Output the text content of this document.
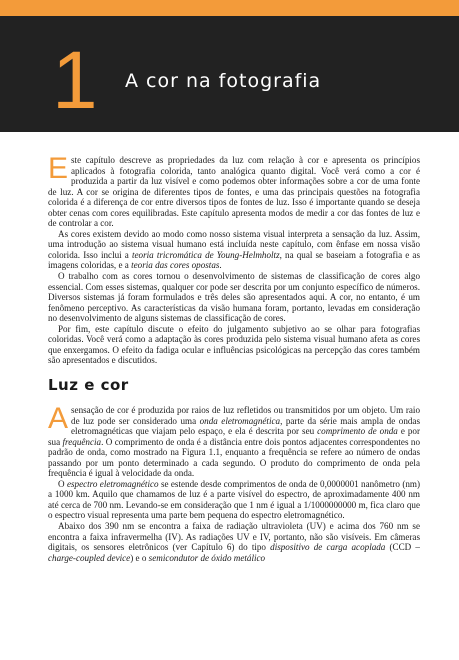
1 A cor na fotografia

Este capítulo descreve as propriedades da luz com relação à cor e apresenta os princípios aplicados à fotografia colorida, tanto analógica quanto digital. Você verá como a cor é produzida a partir da luz visível e como podemos obter informações sobre a cor de uma fonte de luz. A cor se origina de diferentes tipos de fontes, e uma das principais questões na fotografia colorida é a diferença de cor entre diversos tipos de fontes de luz. Isso é importante quando se deseja obter cenas com cores equilibradas. Este capítulo apresenta modos de medir a cor das fontes de luz e de controlar a cor.

As cores existem devido ao modo como nosso sistema visual interpreta a sensação da luz. Assim, uma introdução ao sistema visual humano está incluída neste capítulo, com ênfase em nossa visão colorida. Isso inclui a teoria tricromática de Young-Helmholtz, na qual se baseiam a fotografia e as imagens coloridas, e a teoria das cores opostas.

O trabalho com as cores tornou o desenvolvimento de sistemas de classificação de cores algo essencial. Com esses sistemas, qualquer cor pode ser descrita por um conjunto específico de números. Diversos sistemas já foram formulados e três deles são apresentados aqui. A cor, no entanto, é um fenômeno perceptivo. As características da visão humana foram, portanto, levadas em consideração no desenvolvimento de alguns sistemas de classificação de cores.

Por fim, este capítulo discute o efeito do julgamento subjetivo ao se olhar para fotografias coloridas. Você verá como a adaptação às cores produzida pelo sistema visual humano afeta as cores que enxergamos. O efeito da fadiga ocular e influências psicológicas na percepção das cores também são apresentados e discutidos.

Luz e cor

A sensação de cor é produzida por raios de luz refletidos ou transmitidos por um objeto. Um raio de luz pode ser considerado uma onda eletromagnética, parte da série mais ampla de ondas eletromagnéticas que viajam pelo espaço, e ela é descrita por seu comprimento de onda e por sua frequência. O comprimento de onda é a distância entre dois pontos adjacentes correspondentes no padrão de onda, como mostrado na Figura 1.1, enquanto a frequência se refere ao número de ondas passando por um ponto determinado a cada segundo. O produto do comprimento de onda pela frequência é igual à velocidade da onda.

O espectro eletromagnético se estende desde comprimentos de onda de 0,0000001 nanômetro (nm) a 1000 km. Aquilo que chamamos de luz é a parte visível do espectro, de aproximadamente 400 nm até cerca de 700 nm. Levando-se em consideração que 1 nm é igual a 1/1000000000 m, fica claro que o espectro visual representa uma parte bem pequena do espectro eletromagnético.

Abaixo dos 390 nm se encontra a faixa de radiação ultravioleta (UV) e acima dos 760 nm se encontra a faixa infravermelha (IV). As radiações UV e IV, portanto, não são visíveis. Em câmeras digitais, os sensores eletrônicos (ver Capítulo 6) do tipo dispositivo de carga acoplada (CCD – charge-coupled device) e o semicondutor de óxido metálico
